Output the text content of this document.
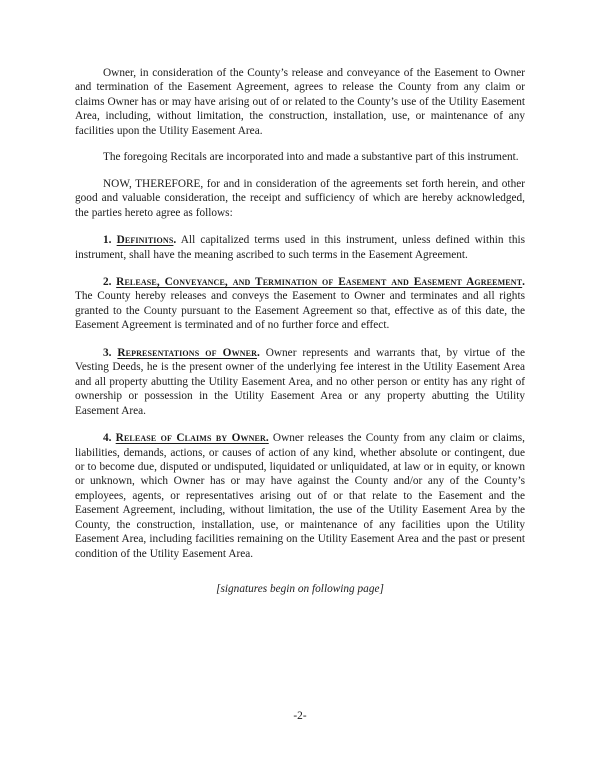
Owner, in consideration of the County’s release and conveyance of the Easement to Owner and termination of the Easement Agreement, agrees to release the County from any claim or claims Owner has or may have arising out of or related to the County’s use of the Utility Easement Area, including, without limitation, the construction, installation, use, or maintenance of any facilities upon the Utility Easement Area.

The foregoing Recitals are incorporated into and made a substantive part of this instrument.

NOW, THEREFORE, for and in consideration of the agreements set forth herein, and other good and valuable consideration, the receipt and sufficiency of which are hereby acknowledged, the parties hereto agree as follows:

1. Definitions. All capitalized terms used in this instrument, unless defined within this instrument, shall have the meaning ascribed to such terms in the Easement Agreement.

2. Release, Conveyance, and Termination of Easement and Easement Agreement. The County hereby releases and conveys the Easement to Owner and terminates and all rights granted to the County pursuant to the Easement Agreement so that, effective as of this date, the Easement Agreement is terminated and of no further force and effect.

3. Representations of Owner. Owner represents and warrants that, by virtue of the Vesting Deeds, he is the present owner of the underlying fee interest in the Utility Easement Area and all property abutting the Utility Easement Area, and no other person or entity has any right of ownership or possession in the Utility Easement Area or any property abutting the Utility Easement Area.

4. Release of Claims by Owner. Owner releases the County from any claim or claims, liabilities, demands, actions, or causes of action of any kind, whether absolute or contingent, due or to become due, disputed or undisputed, liquidated or unliquidated, at law or in equity, or known or unknown, which Owner has or may have against the County and/or any of the County’s employees, agents, or representatives arising out of or that relate to the Easement and the Easement Agreement, including, without limitation, the use of the Utility Easement Area by the County, the construction, installation, use, or maintenance of any facilities upon the Utility Easement Area, including facilities remaining on the Utility Easement Area and the past or present condition of the Utility Easement Area.

[signatures begin on following page]
-2-
